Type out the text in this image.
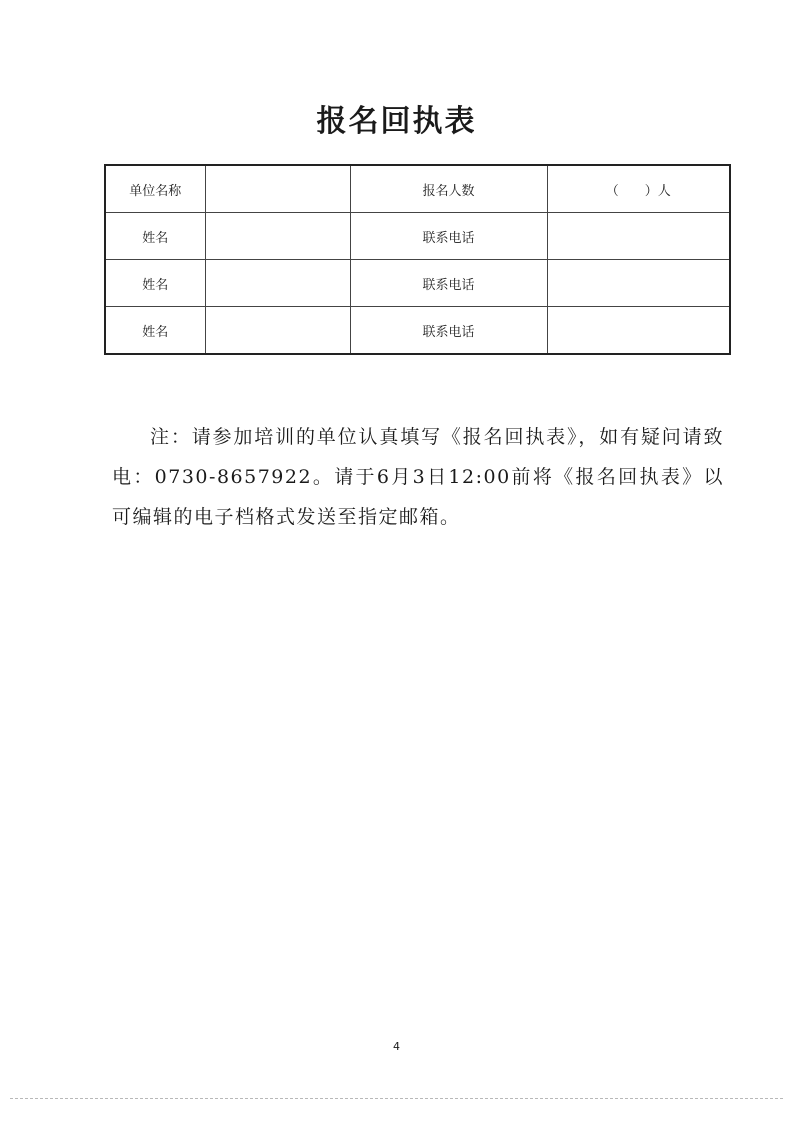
报名回执表
单位名称		报名人数	（　　）人
姓名		联系电话	
姓名		联系电话	
姓名		联系电话	

注：请参加培训的单位认真填写《报名回执表》，如有疑问请致电：0730-8657922。请于6月3日12:00前将《报名回执表》以可编辑的电子档格式发送至指定邮箱。

4
